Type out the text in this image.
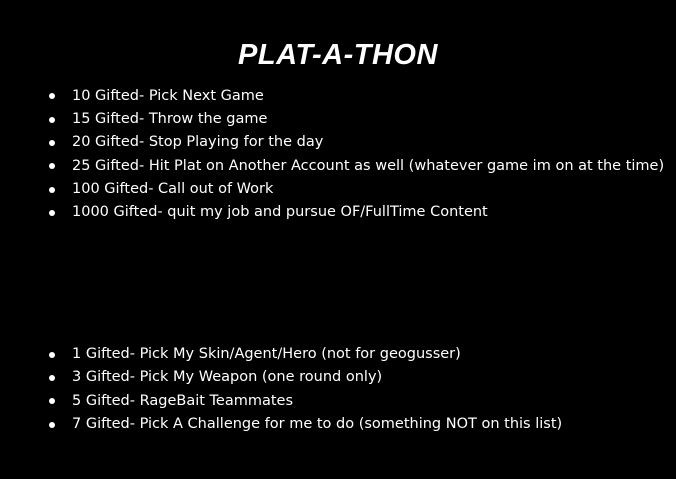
PLAT-A-THON
10 Gifted- Pick Next Game
15 Gifted- Throw the game
20 Gifted- Stop Playing for the day
25 Gifted- Hit Plat on Another Account as well (whatever game im on at the time)
100 Gifted- Call out of Work
1000 Gifted- quit my job and pursue OF/FullTime Content
1 Gifted- Pick My Skin/Agent/Hero (not for geogusser)
3 Gifted- Pick My Weapon (one round only)
5 Gifted- RageBait Teammates
7 Gifted- Pick A Challenge for me to do (something NOT on this list)
